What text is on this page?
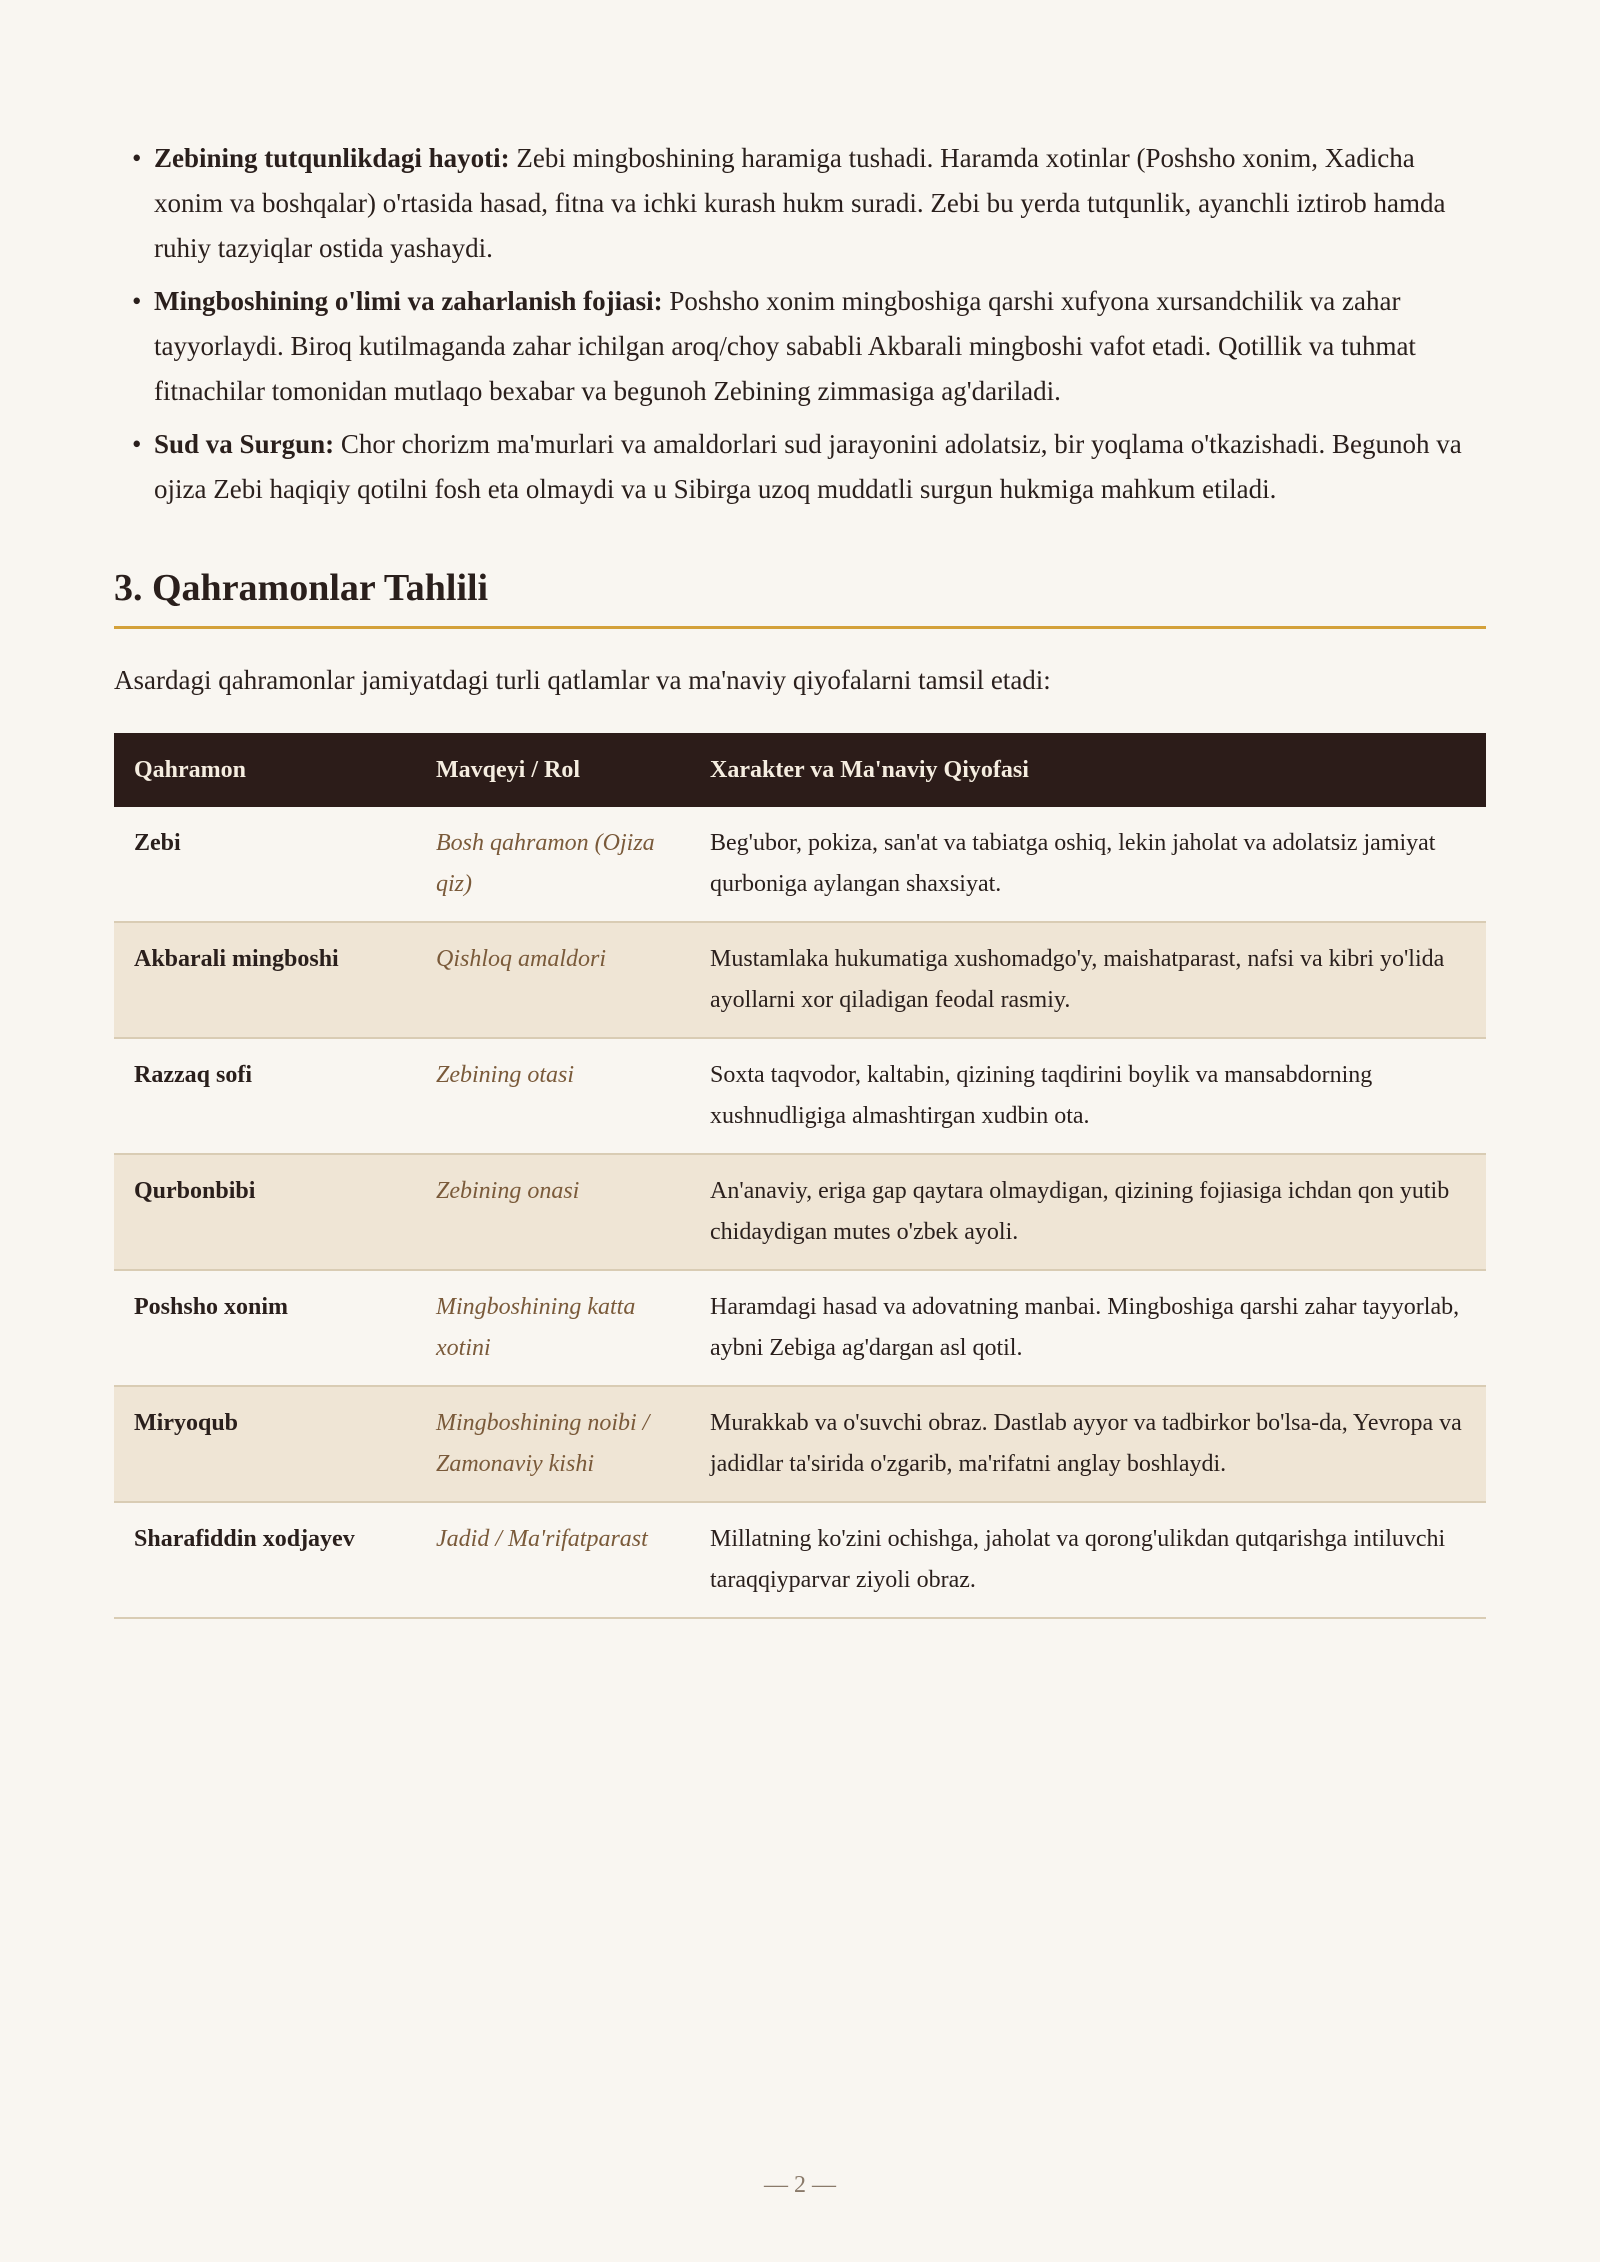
• Zebining tutqunlikdagi hayoti: Zebi mingboshining haramiga tushadi. Haramda xotinlar (Poshsho xonim, Xadicha xonim va boshqalar) o'rtasida hasad, fitna va ichki kurash hukm suradi. Zebi bu yerda tutqunlik, ayanchli iztirob hamda ruhiy tazyiqlar ostida yashaydi.
• Mingboshining o'limi va zaharlanish fojiasi: Poshsho xonim mingboshiga qarshi xufyona xursandchilik va zahar tayyorlaydi. Biroq kutilmaganda zahar ichilgan aroq/choy sababli Akbarali mingboshi vafot etadi. Qotillik va tuhmat fitnachilar tomonidan mutlaqo bexabar va begunoh Zebining zimmasiga ag'dariladi.
• Sud va Surgun: Chor chorizm ma'murlari va amaldorlari sud jarayonini adolatsiz, bir yoqlama o'tkazishadi. Begunoh va ojiza Zebi haqiqiy qotilni fosh eta olmaydi va u Sibirga uzoq muddatli surgun hukmiga mahkum etiladi.
3. Qahramonlar Tahlili

Asardagi qahramonlar jamiyatdagi turli qatlamlar va ma'naviy qiyofalarni tamsil etadi:

Qahramon	Mavqeyi / Rol	Xarakter va Ma'naviy Qiyofasi
Zebi	Bosh qahramon (Ojiza qiz)	Beg'ubor, pokiza, san'at va tabiatga oshiq, lekin jaholat va adolatsiz jamiyat qurboniga aylangan shaxsiyat.
Akbarali mingboshi	Qishloq amaldori	Mustamlaka hukumatiga xushomadgo'y, maishatparast, nafsi va kibri yo'lida ayollarni xor qiladigan feodal rasmiy.
Razzaq sofi	Zebining otasi	Soxta taqvodor, kaltabin, qizining taqdirini boylik va mansabdorning xushnudligiga almashtirgan xudbin ota.
Qurbonbibi	Zebining onasi	An'anaviy, eriga gap qaytara olmaydigan, qizining fojiasiga ichdan qon yutib chidaydigan mutes o'zbek ayoli.
Poshsho xonim	Mingboshining katta xotini	Haramdagi hasad va adovatning manbai. Mingboshiga qarshi zahar tayyorlab, aybni Zebiga ag'dargan asl qotil.
Miryoqub	Mingboshining noibi / Zamonaviy kishi	Murakkab va o'suvchi obraz. Dastlab ayyor va tadbirkor bo'lsa-da, Yevropa va jadidlar ta'sirida o'zgarib, ma'rifatni anglay boshlaydi.
Sharafiddin xodjayev	Jadid / Ma'rifatparast	Millatning ko'zini ochishga, jaholat va qorong'ulikdan qutqarishga intiluvchi taraqqiyparvar ziyoli obraz.
— 2 —
